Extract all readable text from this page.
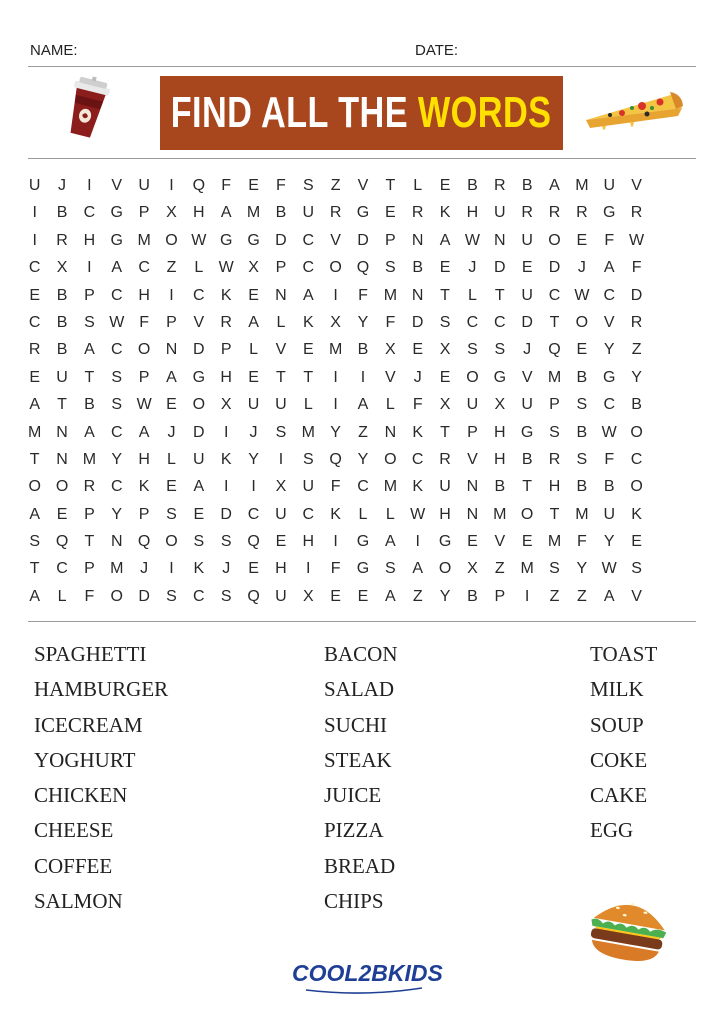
NAME:	DATE:
FIND ALL THE WORDS
U	J	I	V	U	I	Q	F	E	F	S	Z	V	T	L	E	B	R	B	A M U	V
I	B	C G P	X	H	A M B	U R G E	R	K	H U R R R G R
I	R H G M O W G G D C	V	D	P	N	A W N U O E	F W
C	X	I	A	C	Z	L W X	P	C O Q S	B	E	J	D	E	D	J	A	F
E	B	P	C H	I	C	K	E	N	A	I	F M N	T	L	T	U C W C D
C	B	S W F	P	V	R	A	L	K	X	Y	F	D	S	C C D	T	O V	R
R	B	A	C O N D	P	L	V	E M B	X	E	X	S	S	J	Q E	Y	Z
E	U	T	S	P	A G H	E	T	T	I	I	V	J	E O G V M B G Y
A	T	B	S W E O X	U U	L	I	A	L	F	X	U	X	U	P	S	C	B
M N	A	C	A	J	D	I	J	S M Y	Z	N	K	T	P	H G S	B W O
T	N M Y	H	L	U	K	Y	I	S Q Y O C R	V	H	B	R	S	F	C
O O R C	K	E	A	I	I	X	U	F	C M K	U N	B	T	H	B	B O
A	E	P	Y	P	S	E	D C U C	K	L	L W H N M O	T M U	K
S Q	T	N Q O S	S Q E	H	I	G A	I	G E	V	E M F	Y	E
T	C	P M	J	I	K	J	E	H	I	F	G S	A O X	Z M S	Y W S
A	L	F	O D	S	C	S Q U	X	E	E	A	Z	Y	B	P	I	Z	Z	A	V
SPAGHETTI
HAMBURGER
ICECREAM
YOGHURT
CHICKEN
CHEESE
COFFEE
SALMON
BACON
SALAD
SUCHI
STEAK
JUICE
PIZZA
BREAD
CHIPS
TOAST
MILK
SOUP
COKE
CAKE
EGG
COOL2BKIDS
